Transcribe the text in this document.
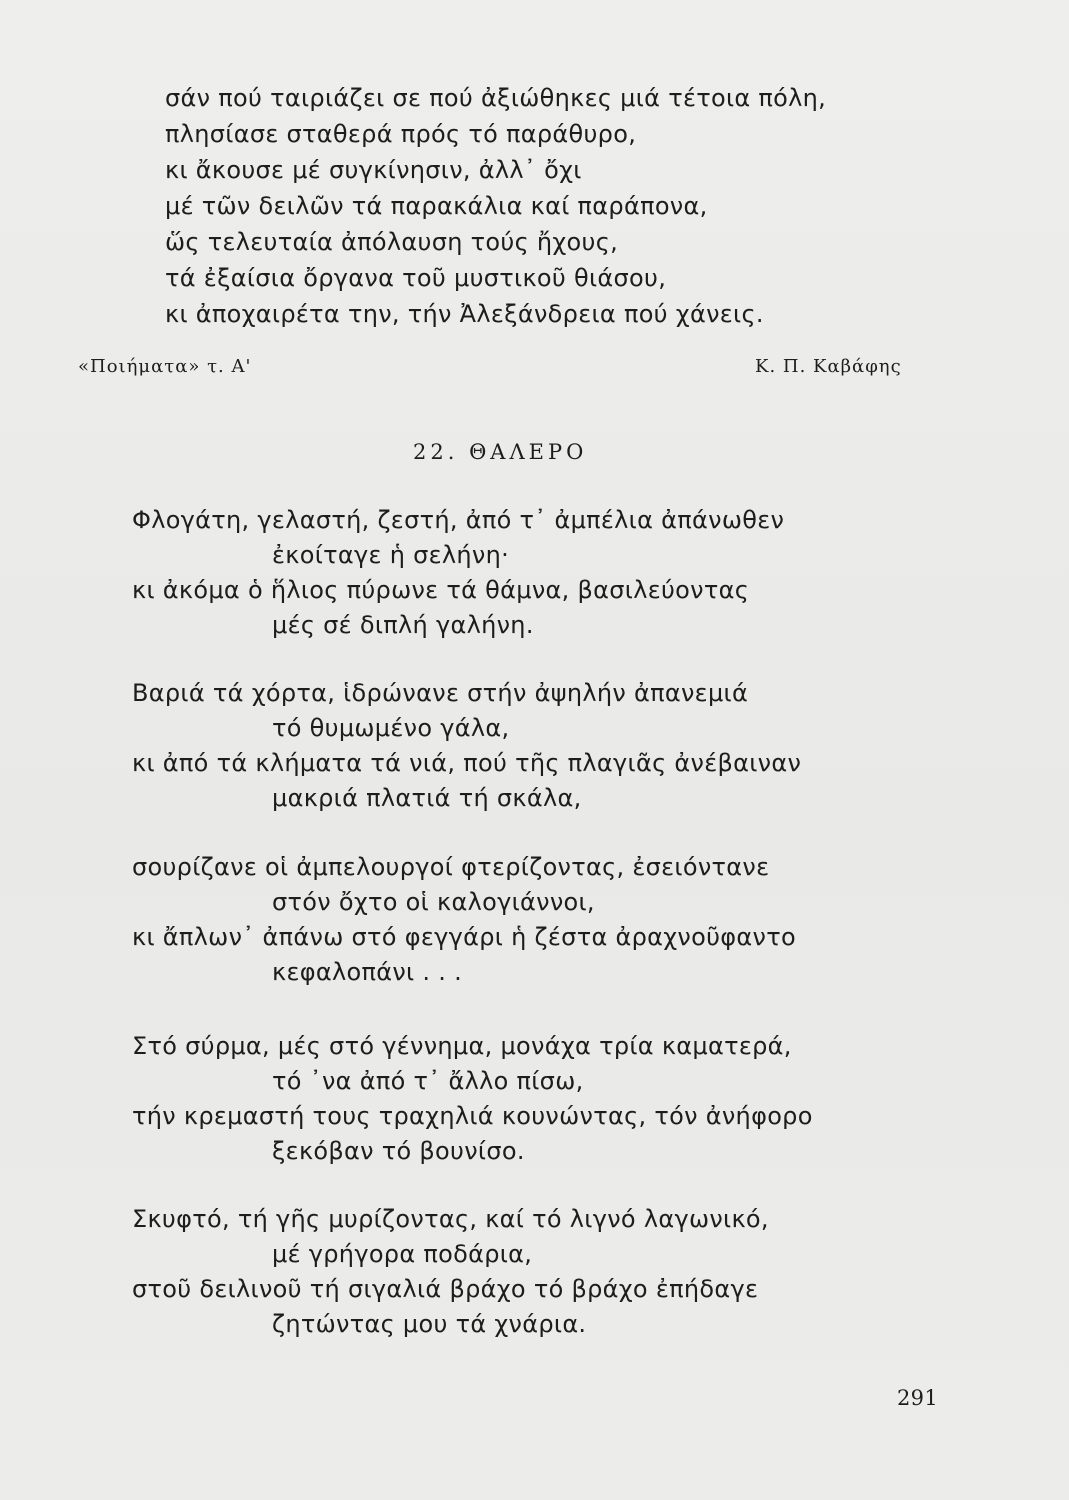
σάν πού ταιριάζει σε πού ἀξιώθηκες μιά τέτοια πόλη,
πλησίασε σταθερά πρός τό παράθυρο,
κι ἄκουσε μέ συγκίνησιν, ἀλλ᾽ ὄχι
μέ τῶν δειλῶν τά παρακάλια καί παράπονα,
ὥς τελευταία ἀπόλαυση τούς ἤχους,
τά ἐξαίσια ὄργανα τοῦ μυστικοῦ θιάσου,
κι ἀποχαιρέτα την, τήν Ἀλεξάνδρεια πού χάνεις.
«Ποιήματα» τ. Α'	Κ. Π. Καβάφης
22. ΘΑΛΕΡΟ
Φλογάτη, γελαστή, ζεστή, ἀπό τ᾽ ἀμπέλια ἀπάνωθεν
ἐκοίταγε ἡ σελήνη·
κι ἀκόμα ὁ ἥλιος πύρωνε τά θάμνα, βασιλεύοντας
μές σέ διπλή γαλήνη.
Βαριά τά χόρτα, ἱδρώνανε στήν ἀψηλήν ἀπανεμιά
τό θυμωμένο γάλα,
κι ἀπό τά κλήματα τά νιά, πού τῆς πλαγιᾶς ἀνέβαιναν
μακριά πλατιά τή σκάλα,
σουρίζανε οἱ ἀμπελουργοί φτερίζοντας, ἐσειόντανε
στόν ὄχτο οἱ καλογιάννοι,
κι ἄπλων᾽ ἀπάνω στό φεγγάρι ἡ ζέστα ἀραχνοῦφαντο
κεφαλοπάνι . . .
Στό σύρμα, μές στό γέννημα, μονάχα τρία καματερά,
τό ᾽να ἀπό τ᾽ ἄλλο πίσω,
τήν κρεμαστή τους τραχηλιά κουνώντας, τόν ἀνήφορο
ξεκόβαν τό βουνίσο.
Σκυφτό, τή γῆς μυρίζοντας, καί τό λιγνό λαγωνικό,
μέ γρήγορα ποδάρια,
στοῦ δειλινοῦ τή σιγαλιά βράχο τό βράχο ἐπήδαγε
ζητώντας μου τά χνάρια.
291
